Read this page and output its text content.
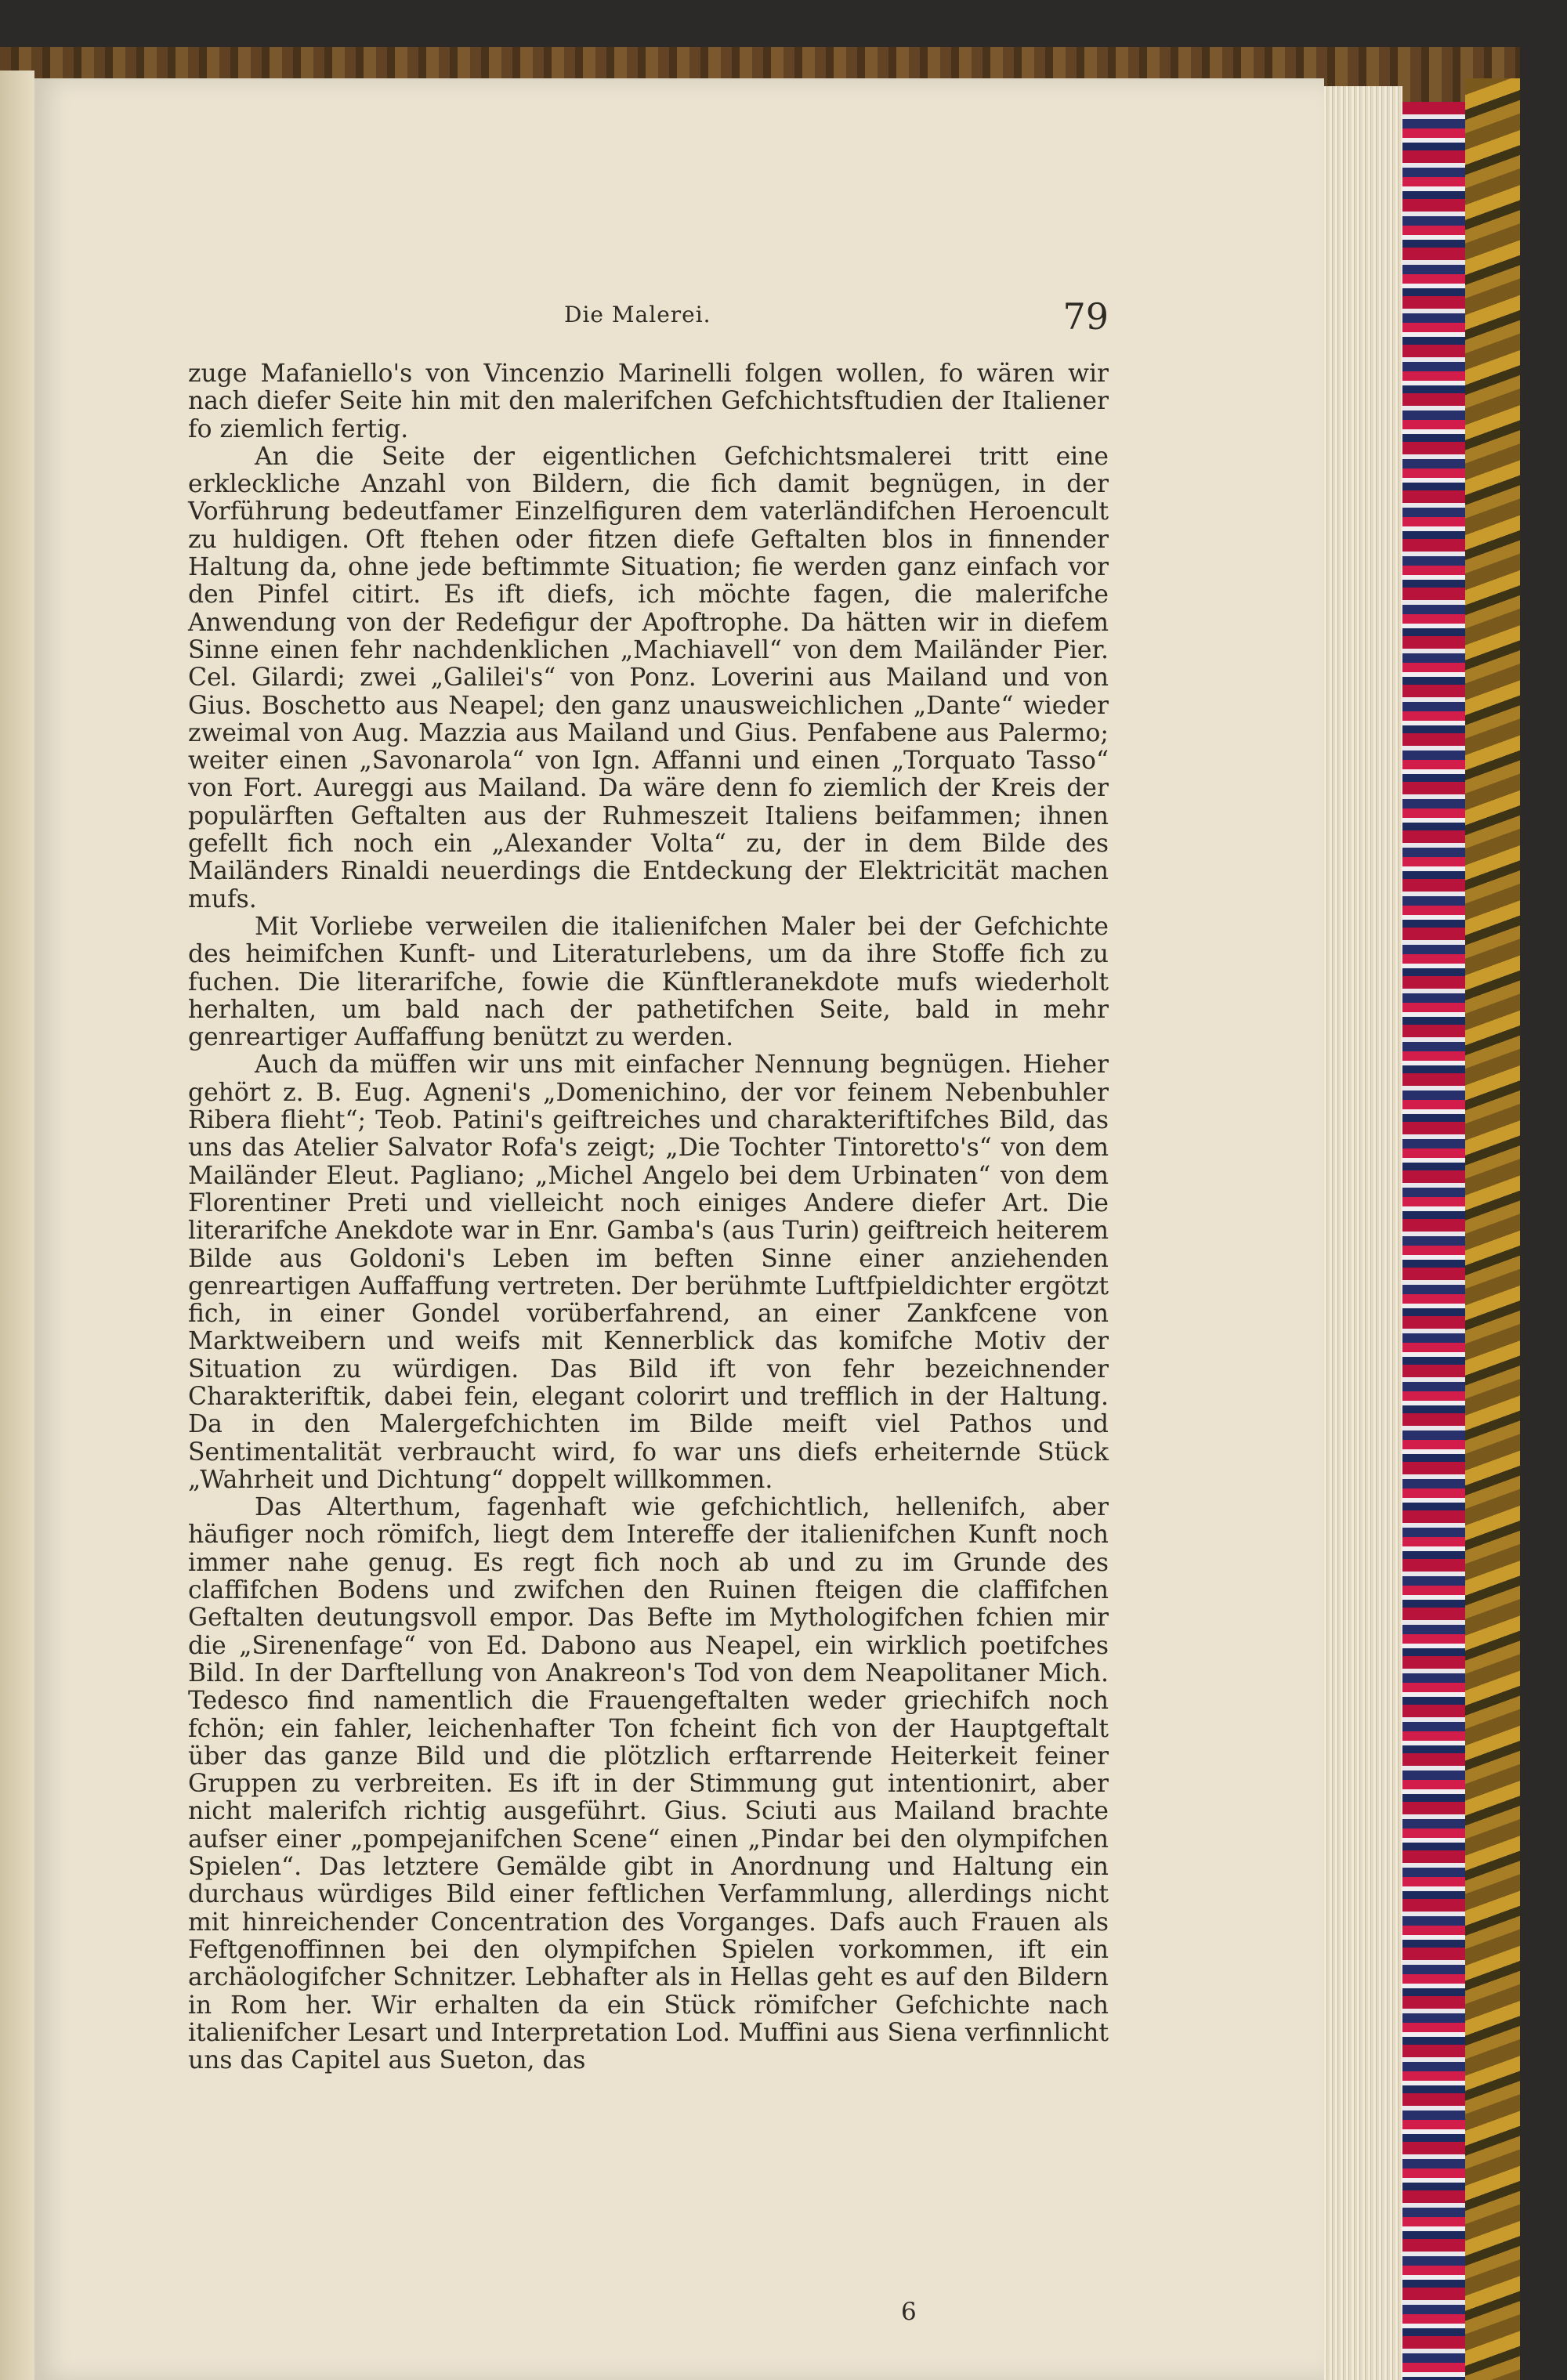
Die Malerei.	79

zuge Mafaniello's von Vincenzio Marinelli folgen wollen, fo wären wir nach diefer Seite hin mit den malerifchen Gefchichtsftudien der Italiener fo ziemlich fertig.

An die Seite der eigentlichen Gefchichtsmalerei tritt eine erkleckliche Anzahl von Bildern, die fich damit begnügen, in der Vorführung bedeutfamer Einzelfiguren dem vaterländifchen Heroencult zu huldigen. Oft ftehen oder fitzen diefe Geftalten blos in finnender Haltung da, ohne jede beftimmte Situation; fie werden ganz einfach vor den Pinfel citirt. Es ift diefs, ich möchte fagen, die malerifche Anwendung von der Redefigur der Apoftrophe. Da hätten wir in diefem Sinne einen fehr nachdenklichen „Machiavell“ von dem Mailänder Pier. Cel. Gilardi; zwei „Galilei's“ von Ponz. Loverini aus Mailand und von Gius. Boschetto aus Neapel; den ganz unausweichlichen „Dante“ wieder zweimal von Aug. Mazzia aus Mailand und Gius. Penfabene aus Palermo; weiter einen „Savonarola“ von Ign. Affanni und einen „Torquato Tasso“ von Fort. Aureggi aus Mailand. Da wäre denn fo ziemlich der Kreis der populärften Geftalten aus der Ruhmeszeit Italiens beifammen; ihnen gefellt fich noch ein „Alexander Volta“ zu, der in dem Bilde des Mailänders Rinaldi neuerdings die Entdeckung der Elektricität machen mufs.

Mit Vorliebe verweilen die italienifchen Maler bei der Gefchichte des heimifchen Kunft- und Literaturlebens, um da ihre Stoffe fich zu fuchen. Die literarifche, fowie die Künftleranekdote mufs wiederholt herhalten, um bald nach der pathetifchen Seite, bald in mehr genreartiger Auffaffung benützt zu werden.

Auch da müffen wir uns mit einfacher Nennung begnügen. Hieher gehört z. B. Eug. Agneni's „Domenichino, der vor feinem Nebenbuhler Ribera flieht“; Teob. Patini's geiftreiches und charakteriftifches Bild, das uns das Atelier Salvator Rofa's zeigt; „Die Tochter Tintoretto's“ von dem Mailänder Eleut. Pagliano; „Michel Angelo bei dem Urbinaten“ von dem Florentiner Preti und vielleicht noch einiges Andere diefer Art. Die literarifche Anekdote war in Enr. Gamba's (aus Turin) geiftreich heiterem Bilde aus Goldoni's Leben im beften Sinne einer anziehenden genreartigen Auffaffung vertreten. Der berühmte Luftfpieldichter ergötzt fich, in einer Gondel vorüberfahrend, an einer Zankfcene von Marktweibern und weifs mit Kennerblick das komifche Motiv der Situation zu würdigen. Das Bild ift von fehr bezeichnender Charakteriftik, dabei fein, elegant colorirt und trefflich in der Haltung. Da in den Malergefchichten im Bilde meift viel Pathos und Sentimentalität verbraucht wird, fo war uns diefs erheiternde Stück „Wahrheit und Dichtung“ doppelt willkommen.

Das Alterthum, fagenhaft wie gefchichtlich, hellenifch, aber häufiger noch römifch, liegt dem Intereffe der italienifchen Kunft noch immer nahe genug. Es regt fich noch ab und zu im Grunde des claffifchen Bodens und zwifchen den Ruinen fteigen die claffifchen Geftalten deutungsvoll empor. Das Befte im Mythologifchen fchien mir die „Sirenenfage“ von Ed. Dabono aus Neapel, ein wirklich poetifches Bild. In der Darftellung von Anakreon's Tod von dem Neapolitaner Mich. Tedesco find namentlich die Frauengeftalten weder griechifch noch fchön; ein fahler, leichenhafter Ton fcheint fich von der Hauptgeftalt über das ganze Bild und die plötzlich erftarrende Heiterkeit feiner Gruppen zu verbreiten. Es ift in der Stimmung gut intentionirt, aber nicht malerifch richtig ausgeführt. Gius. Sciuti aus Mailand brachte aufser einer „pompejanifchen Scene“ einen „Pindar bei den olympifchen Spielen“. Das letztere Gemälde gibt in Anordnung und Haltung ein durchaus würdiges Bild einer feftlichen Verfammlung, allerdings nicht mit hinreichender Concentration des Vorganges. Dafs auch Frauen als Feftgenoffinnen bei den olympifchen Spielen vorkommen, ift ein archäologifcher Schnitzer. Lebhafter als in Hellas geht es auf den Bildern in Rom her. Wir erhalten da ein Stück römifcher Gefchichte nach italienifcher Lesart und Interpretation Lod. Muffini aus Siena verfinnlicht uns das Capitel aus Sueton, das

6
